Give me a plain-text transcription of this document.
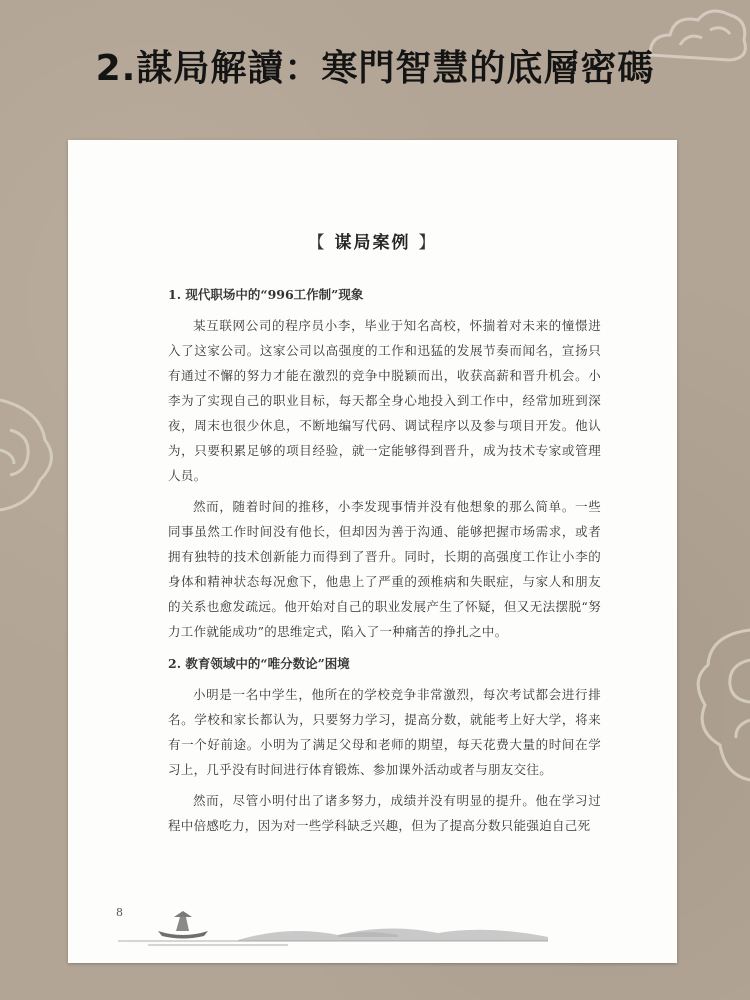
2.謀局解讀：寒門智慧的底層密碼
【 谋局案例 】

1. 现代职场中的“996工作制”现象

某互联网公司的程序员小李，毕业于知名高校，怀揣着对未来的憧憬进入了这家公司。这家公司以高强度的工作和迅猛的发展节奏而闻名，宣扬只有通过不懈的努力才能在激烈的竞争中脱颖而出，收获高薪和晋升机会。小李为了实现自己的职业目标，每天都全身心地投入到工作中，经常加班到深夜，周末也很少休息，不断地编写代码、调试程序以及参与项目开发。他认为，只要积累足够的项目经验，就一定能够得到晋升，成为技术专家或管理人员。

然而，随着时间的推移，小李发现事情并没有他想象的那么简单。一些同事虽然工作时间没有他长，但却因为善于沟通、能够把握市场需求，或者拥有独特的技术创新能力而得到了晋升。同时，长期的高强度工作让小李的身体和精神状态每况愈下，他患上了严重的颈椎病和失眠症，与家人和朋友的关系也愈发疏远。他开始对自己的职业发展产生了怀疑，但又无法摆脱“努力工作就能成功”的思维定式，陷入了一种痛苦的挣扎之中。

2. 教育领域中的“唯分数论”困境

小明是一名中学生，他所在的学校竞争非常激烈，每次考试都会进行排名。学校和家长都认为，只要努力学习，提高分数，就能考上好大学，将来有一个好前途。小明为了满足父母和老师的期望，每天花费大量的时间在学习上，几乎没有时间进行体育锻炼、参加课外活动或者与朋友交往。

然而，尽管小明付出了诸多努力，成绩并没有明显的提升。他在学习过程中倍感吃力，因为对一些学科缺乏兴趣，但为了提高分数只能强迫自己死

8
